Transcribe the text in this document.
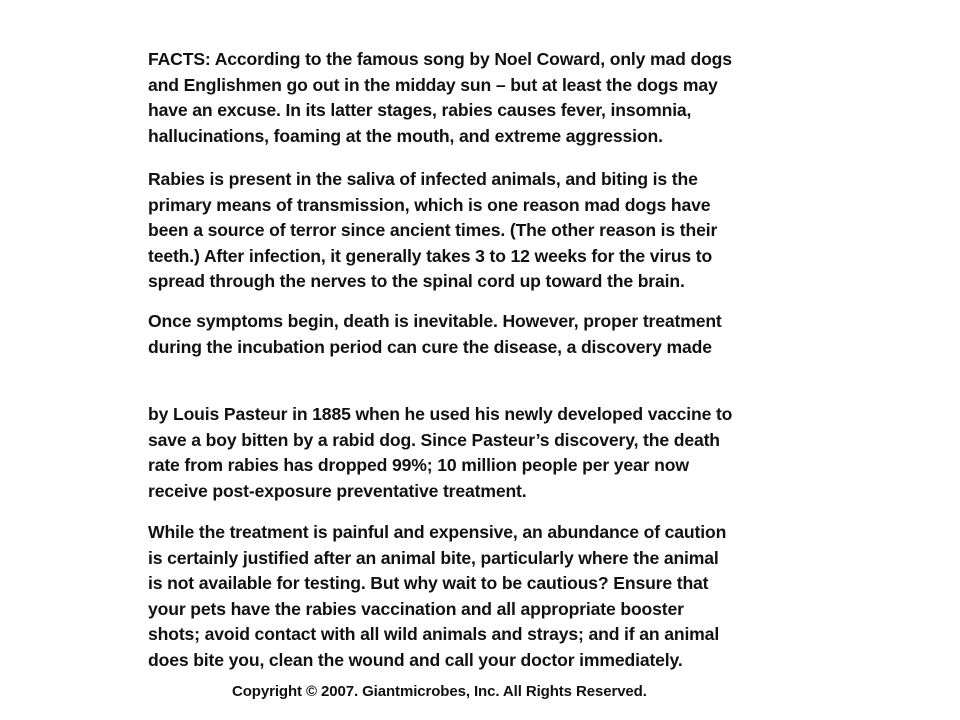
FACTS: According to the famous song by Noel Coward, only mad dogs
and Englishmen go out in the midday sun – but at least the dogs may
have an excuse. In its latter stages, rabies causes fever, insomnia,
hallucinations, foaming at the mouth, and extreme aggression.

Rabies is present in the saliva of infected animals, and biting is the
primary means of transmission, which is one reason mad dogs have
been a source of terror since ancient times. (The other reason is their
teeth.) After infection, it generally takes 3 to 12 weeks for the virus to
spread through the nerves to the spinal cord up toward the brain.

Once symptoms begin, death is inevitable. However, proper treatment
during the incubation period can cure the disease, a discovery made

by Louis Pasteur in 1885 when he used his newly developed vaccine to
save a boy bitten by a rabid dog. Since Pasteur’s discovery, the death
rate from rabies has dropped 99%; 10 million people per year now
receive post-exposure preventative treatment.

While the treatment is painful and expensive, an abundance of caution
is certainly justified after an animal bite, particularly where the animal
is not available for testing. But why wait to be cautious? Ensure that
your pets have the rabies vaccination and all appropriate booster
shots; avoid contact with all wild animals and strays; and if an animal
does bite you, clean the wound and call your doctor immediately.

Copyright © 2007. Giantmicrobes, Inc. All Rights Reserved.
